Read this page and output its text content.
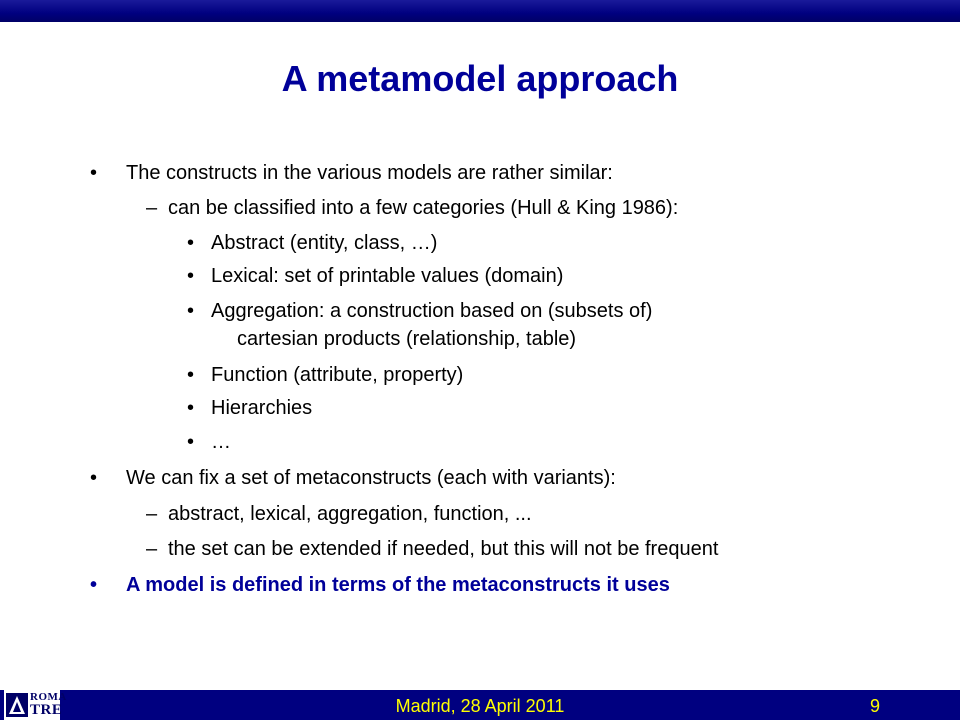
A metamodel approach
• The constructs in the various models are rather similar:
– can be classified into a few categories (Hull & King 1986):
• Abstract (entity, class, …)
• Lexical: set of printable values (domain)
• Aggregation: a construction based on (subsets of)
cartesian products (relationship, table)
• Function (attribute, property)
• Hierarchies
• …
• We can fix a set of metaconstructs (each with variants):
– abstract, lexical, aggregation, function, ...
– the set can be extended if needed, but this will not be frequent
• A model is defined in terms of the metaconstructs it uses
ROMA
TRE	Madrid, 28 April 2011	9
